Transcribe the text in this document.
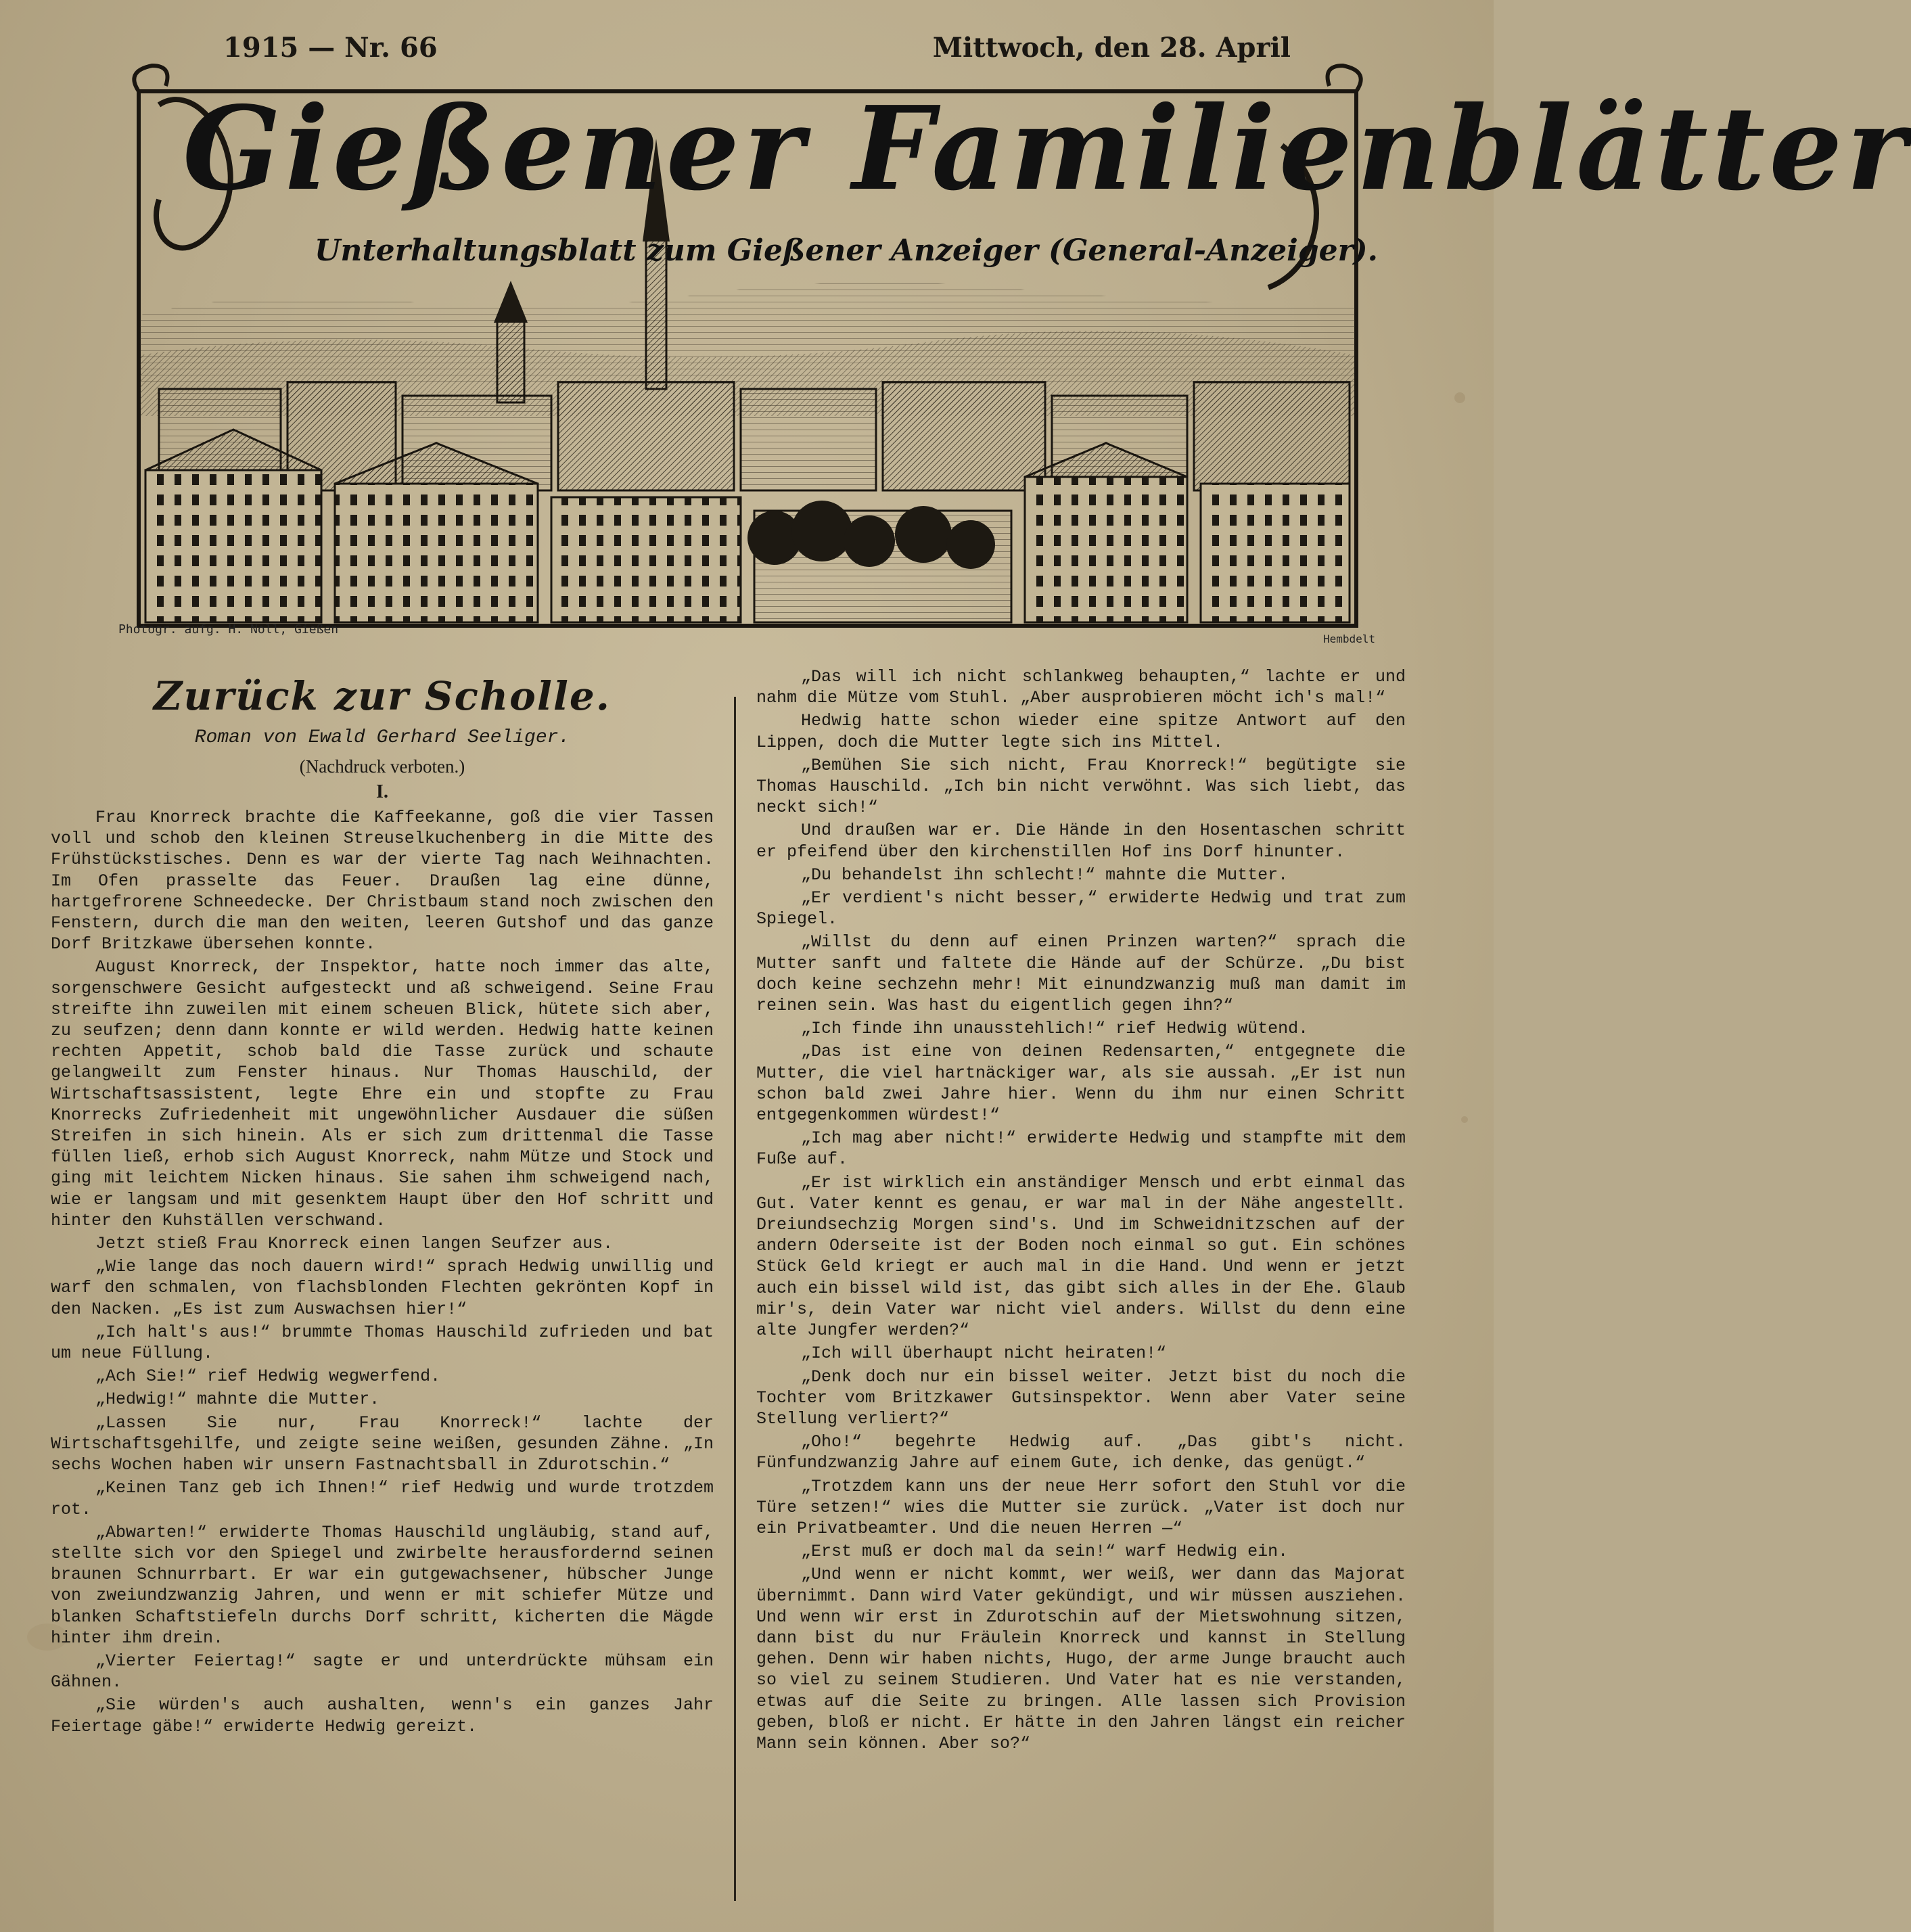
1915 — Nr. 66	Mittwoch, den 28. April
Gießener Familienblätter
Unterhaltungsblatt zum Gießener Anzeiger (General-Anzeiger).
Photogr. aufg. H. Noll, Gießen
Hembdelt
Zurück zur Scholle.
Roman von Ewald Gerhard Seeliger.
(Nachdruck verboten.)
I.

Frau Knorreck brachte die Kaffeekanne, goß die vier Tassen voll und schob den kleinen Streuselkuchenberg in die Mitte des Frühstückstisches. Denn es war der vierte Tag nach Weihnachten. Im Ofen prasselte das Feuer. Draußen lag eine dünne, hartgefrorene Schneedecke. Der Christbaum stand noch zwischen den Fenstern, durch die man den weiten, leeren Gutshof und das ganze Dorf Britzkawe übersehen konnte.

August Knorreck, der Inspektor, hatte noch immer das alte, sorgenschwere Gesicht aufgesteckt und aß schweigend. Seine Frau streifte ihn zuweilen mit einem scheuen Blick, hütete sich aber, zu seufzen; denn dann konnte er wild werden. Hedwig hatte keinen rechten Appetit, schob bald die Tasse zurück und schaute gelangweilt zum Fenster hinaus. Nur Thomas Hauschild, der Wirtschaftsassistent, legte Ehre ein und stopfte zu Frau Knorrecks Zufriedenheit mit ungewöhnlicher Ausdauer die süßen Streifen in sich hinein. Als er sich zum drittenmal die Tasse füllen ließ, erhob sich August Knorreck, nahm Mütze und Stock und ging mit leichtem Nicken hinaus. Sie sahen ihm schweigend nach, wie er langsam und mit gesenktem Haupt über den Hof schritt und hinter den Kuhställen verschwand.

Jetzt stieß Frau Knorreck einen langen Seufzer aus.

„Wie lange das noch dauern wird!“ sprach Hedwig unwillig und warf den schmalen, von flachsblonden Flechten gekrönten Kopf in den Nacken. „Es ist zum Auswachsen hier!“

„Ich halt's aus!“ brummte Thomas Hauschild zufrieden und bat um neue Füllung.

„Ach Sie!“ rief Hedwig wegwerfend.

„Hedwig!“ mahnte die Mutter.

„Lassen Sie nur, Frau Knorreck!“ lachte der Wirtschaftsgehilfe, und zeigte seine weißen, gesunden Zähne. „In sechs Wochen haben wir unsern Fastnachtsball in Zdurotschin.“

„Keinen Tanz geb ich Ihnen!“ rief Hedwig und wurde trotzdem rot.

„Abwarten!“ erwiderte Thomas Hauschild ungläubig, stand auf, stellte sich vor den Spiegel und zwirbelte herausfordernd seinen braunen Schnurrbart. Er war ein gutgewachsener, hübscher Junge von zweiundzwanzig Jahren, und wenn er mit schiefer Mütze und blanken Schaftstiefeln durchs Dorf schritt, kicherten die Mägde hinter ihm drein.

„Vierter Feiertag!“ sagte er und unterdrückte mühsam ein Gähnen.

„Sie würden's auch aushalten, wenn's ein ganzes Jahr Feiertage gäbe!“ erwiderte Hedwig gereizt.

„Das will ich nicht schlankweg behaupten,“ lachte er und nahm die Mütze vom Stuhl. „Aber ausprobieren möcht ich's mal!“

Hedwig hatte schon wieder eine spitze Antwort auf den Lippen, doch die Mutter legte sich ins Mittel.

„Bemühen Sie sich nicht, Frau Knorreck!“ begütigte sie Thomas Hauschild. „Ich bin nicht verwöhnt. Was sich liebt, das neckt sich!“

Und draußen war er. Die Hände in den Hosentaschen schritt er pfeifend über den kirchenstillen Hof ins Dorf hinunter.

„Du behandelst ihn schlecht!“ mahnte die Mutter.

„Er verdient's nicht besser,“ erwiderte Hedwig und trat zum Spiegel.

„Willst du denn auf einen Prinzen warten?“ sprach die Mutter sanft und faltete die Hände auf der Schürze. „Du bist doch keine sechzehn mehr! Mit einundzwanzig muß man damit im reinen sein. Was hast du eigentlich gegen ihn?“

„Ich finde ihn unausstehlich!“ rief Hedwig wütend.

„Das ist eine von deinen Redensarten,“ entgegnete die Mutter, die viel hartnäckiger war, als sie aussah. „Er ist nun schon bald zwei Jahre hier. Wenn du ihm nur einen Schritt entgegenkommen würdest!“

„Ich mag aber nicht!“ erwiderte Hedwig und stampfte mit dem Fuße auf.

„Er ist wirklich ein anständiger Mensch und erbt einmal das Gut. Vater kennt es genau, er war mal in der Nähe angestellt. Dreiundsechzig Morgen sind's. Und im Schweidnitzschen auf der andern Oderseite ist der Boden noch einmal so gut. Ein schönes Stück Geld kriegt er auch mal in die Hand. Und wenn er jetzt auch ein bissel wild ist, das gibt sich alles in der Ehe. Glaub mir's, dein Vater war nicht viel anders. Willst du denn eine alte Jungfer werden?“

„Ich will überhaupt nicht heiraten!“

„Denk doch nur ein bissel weiter. Jetzt bist du noch die Tochter vom Britzkawer Gutsinspektor. Wenn aber Vater seine Stellung verliert?“

„Oho!“ begehrte Hedwig auf. „Das gibt's nicht. Fünfundzwanzig Jahre auf einem Gute, ich denke, das genügt.“

„Trotzdem kann uns der neue Herr sofort den Stuhl vor die Türe setzen!“ wies die Mutter sie zurück. „Vater ist doch nur ein Privatbeamter. Und die neuen Herren —“

„Erst muß er doch mal da sein!“ warf Hedwig ein.

„Und wenn er nicht kommt, wer weiß, wer dann das Majorat übernimmt. Dann wird Vater gekündigt, und wir müssen ausziehen. Und wenn wir erst in Zdurotschin auf der Mietswohnung sitzen, dann bist du nur Fräulein Knorreck und kannst in Stellung gehen. Denn wir haben nichts, Hugo, der arme Junge braucht auch so viel zu seinem Studieren. Und Vater hat es nie verstanden, etwas auf die Seite zu bringen. Alle lassen sich Provision geben, bloß er nicht. Er hätte in den Jahren längst ein reicher Mann sein können. Aber so?“
